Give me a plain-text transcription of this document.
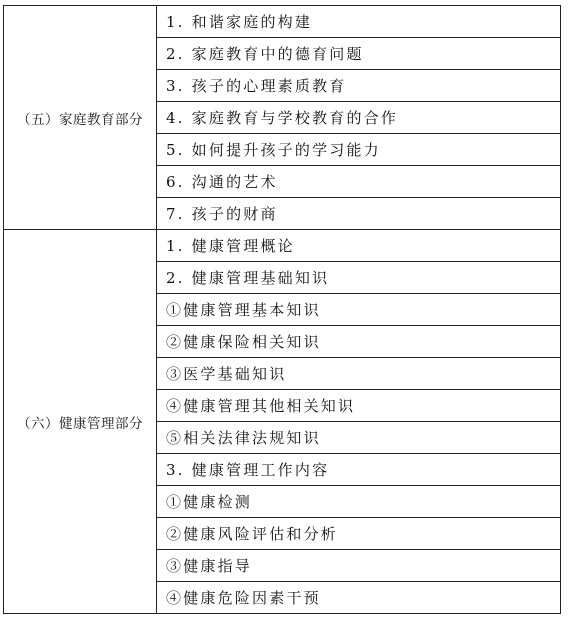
（五）家庭教育部分	1. 和谐家庭的构建
	2. 家庭教育中的德育问题
	3. 孩子的心理素质教育
	4. 家庭教育与学校教育的合作
	5. 如何提升孩子的学习能力
	6. 沟通的艺术
	7. 孩子的财商
（六）健康管理部分	1. 健康管理概论
	2. 健康管理基础知识
	①健康管理基本知识
	②健康保险相关知识
	③医学基础知识
	④健康管理其他相关知识
	⑤相关法律法规知识
	3. 健康管理工作内容
	①健康检测
	②健康风险评估和分析
	③健康指导
	④健康危险因素干预
